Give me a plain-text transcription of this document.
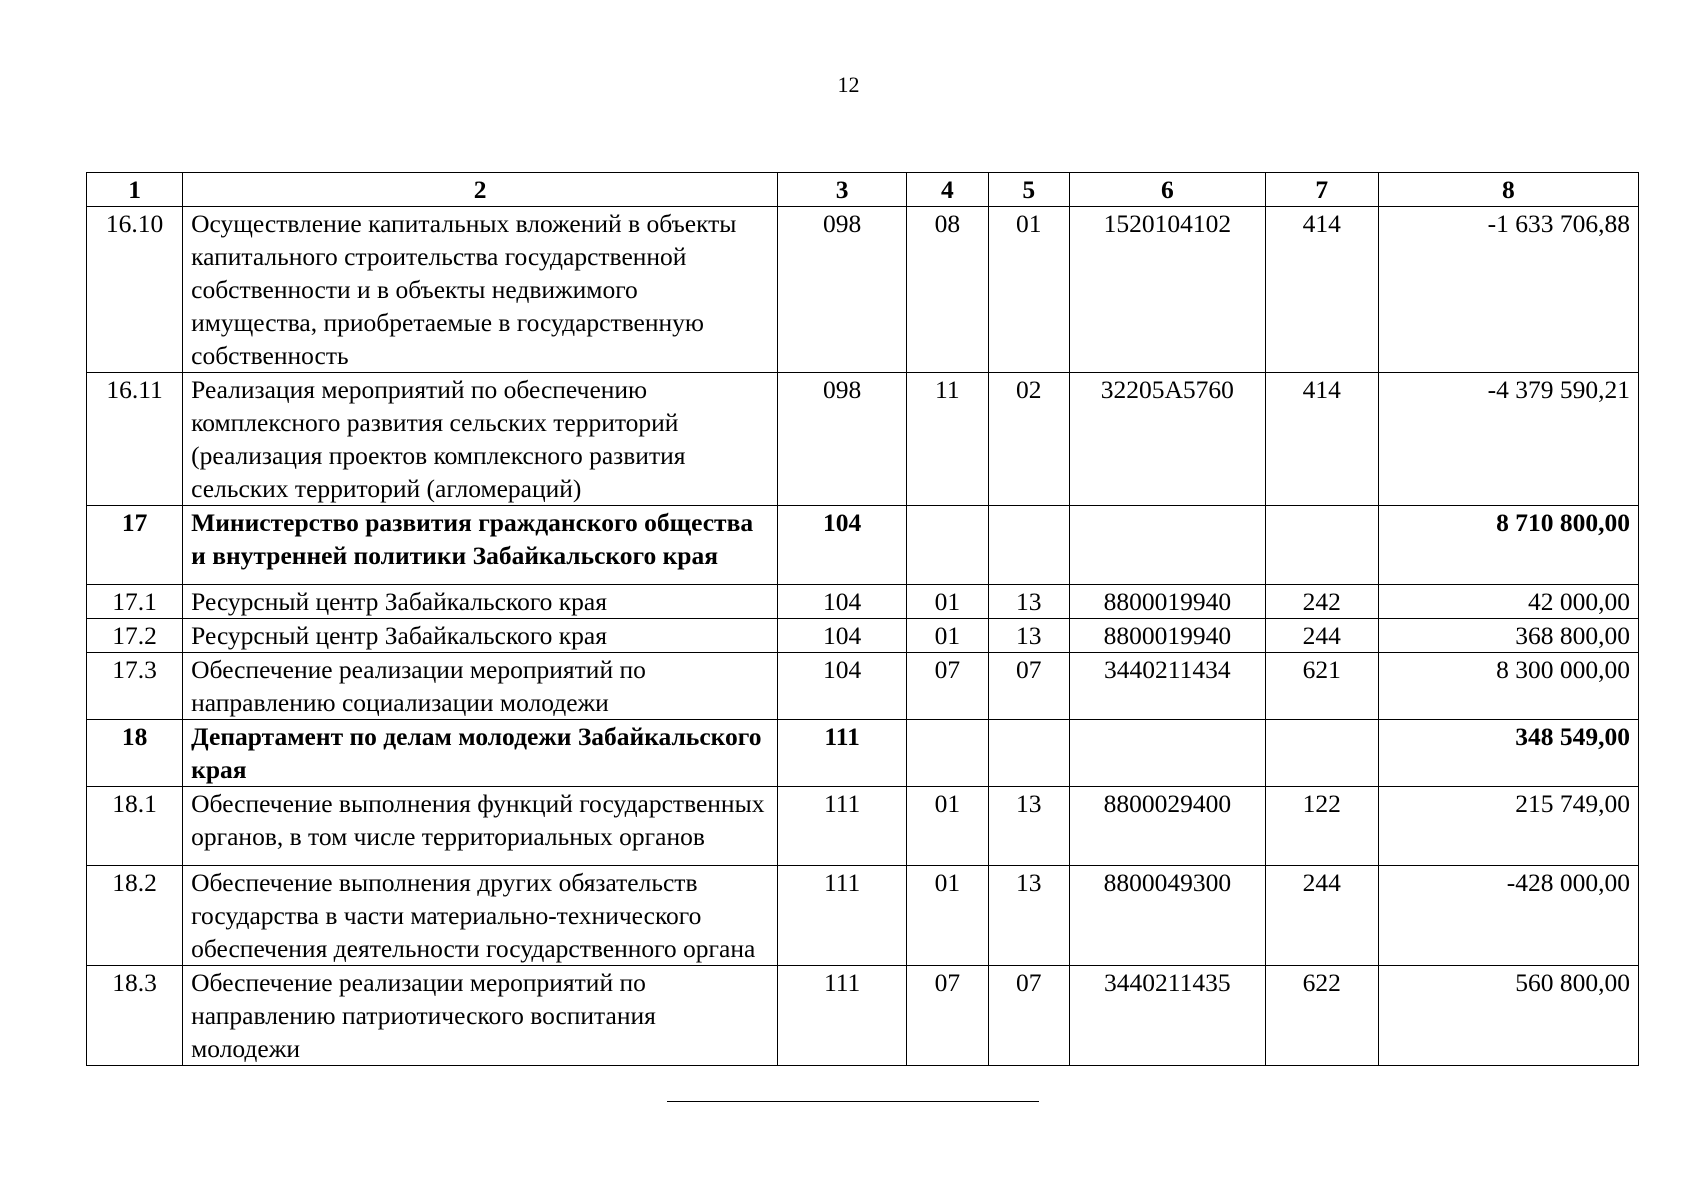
12
1	2	3	4	5	6	7	8
16.10	Осуществление капитальных вложений в объекты капитального строительства государственной собственности и в объекты недвижимого имущества, приобретаемые в государственную собственность	098	08	01	1520104102	414	-1 633 706,88
16.11	Реализация мероприятий по обеспечению комплексного развития сельских территорий (реализация проектов комплексного развития сельских территорий (агломераций)	098	11	02	32205A5760	414	-4 379 590,21
17	Министерство развития гражданского общества и внутренней политики Забайкальского края	104					8 710 800,00
17.1	Ресурсный центр Забайкальского края	104	01	13	8800019940	242	42 000,00
17.2	Ресурсный центр Забайкальского края	104	01	13	8800019940	244	368 800,00
17.3	Обеспечение реализации мероприятий по направлению социализации молодежи	104	07	07	3440211434	621	8 300 000,00
18	Департамент по делам молодежи Забайкальского края	111					348 549,00
18.1	Обеспечение выполнения функций государственных органов, в том числе территориальных органов	111	01	13	8800029400	122	215 749,00
18.2	Обеспечение выполнения других обязательств государства в части материально-технического обеспечения деятельности государственного органа	111	01	13	8800049300	244	-428 000,00
18.3	Обеспечение реализации мероприятий по направлению патриотического воспитания молодежи	111	07	07	3440211435	622	560 800,00
